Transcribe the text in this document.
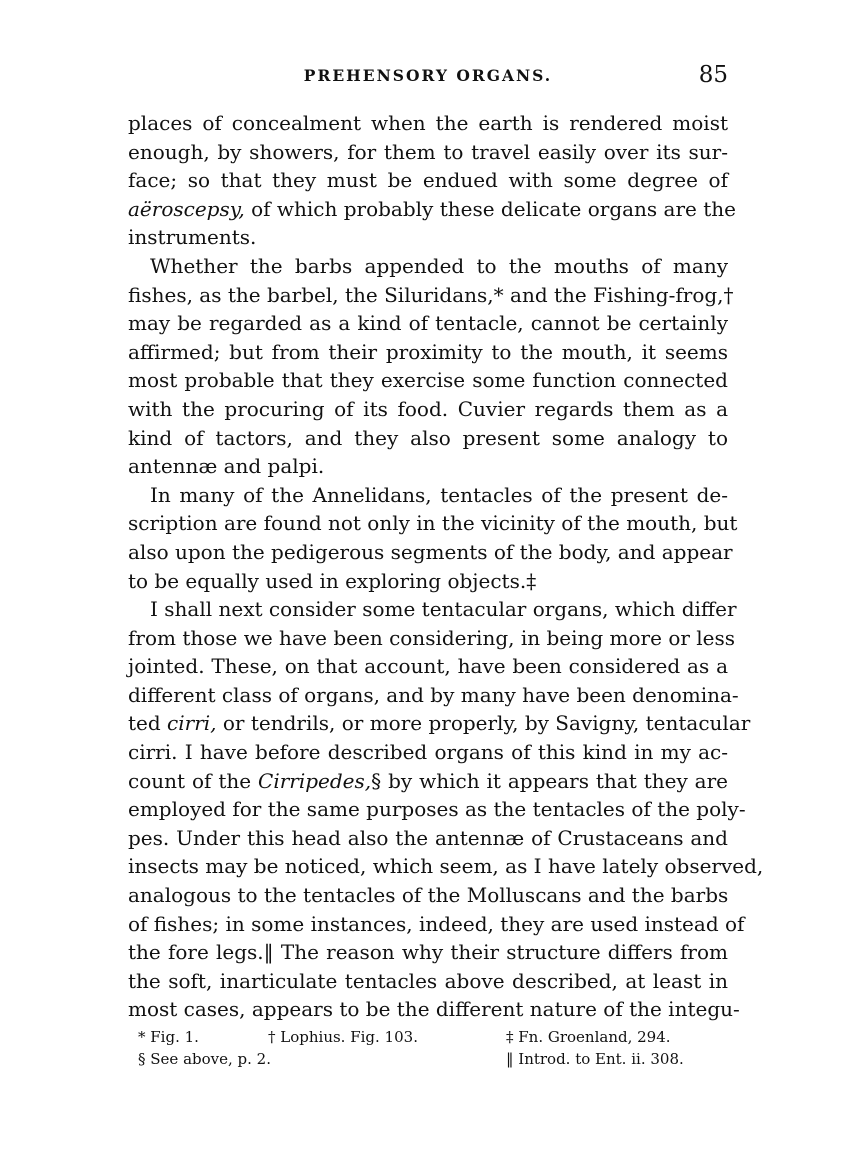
PREHENSORY ORGANS.	85
places of concealment when the earth is rendered moist
enough, by showers, for them to travel easily over its sur-
face; so that they must be endued with some degree of
aëroscepsy, of which probably these delicate organs are the
instruments.
Whether the barbs appended to the mouths of many
fishes, as the barbel, the Siluridans,* and the Fishing-frog,†
may be regarded as a kind of tentacle, cannot be certainly
affirmed; but from their proximity to the mouth, it seems
most probable that they exercise some function connected
with the procuring of its food. Cuvier regards them as a
kind of tactors, and they also present some analogy to
antennæ and palpi.
In many of the Annelidans, tentacles of the present de-
scription are found not only in the vicinity of the mouth, but
also upon the pedigerous segments of the body, and appear
to be equally used in exploring objects.‡
I shall next consider some tentacular organs, which differ
from those we have been considering, in being more or less
jointed. These, on that account, have been considered as a
different class of organs, and by many have been denomina-
ted cirri, or tendrils, or more properly, by Savigny, tentacular
cirri. I have before described organs of this kind in my ac-
count of the Cirripedes,§ by which it appears that they are
employed for the same purposes as the tentacles of the poly-
pes. Under this head also the antennæ of Crustaceans and
insects may be noticed, which seem, as I have lately observed,
analogous to the tentacles of the Molluscans and the barbs
of fishes; in some instances, indeed, they are used instead of
the fore legs.‖ The reason why their structure differs from
the soft, inarticulate tentacles above described, at least in
most cases, appears to be the different nature of the integu-
* Fig. 1.	† Lophius. Fig. 103.	‡ Fn. Groenland, 294.
§ See above, p. 2.	‖ Introd. to Ent. ii. 308.
